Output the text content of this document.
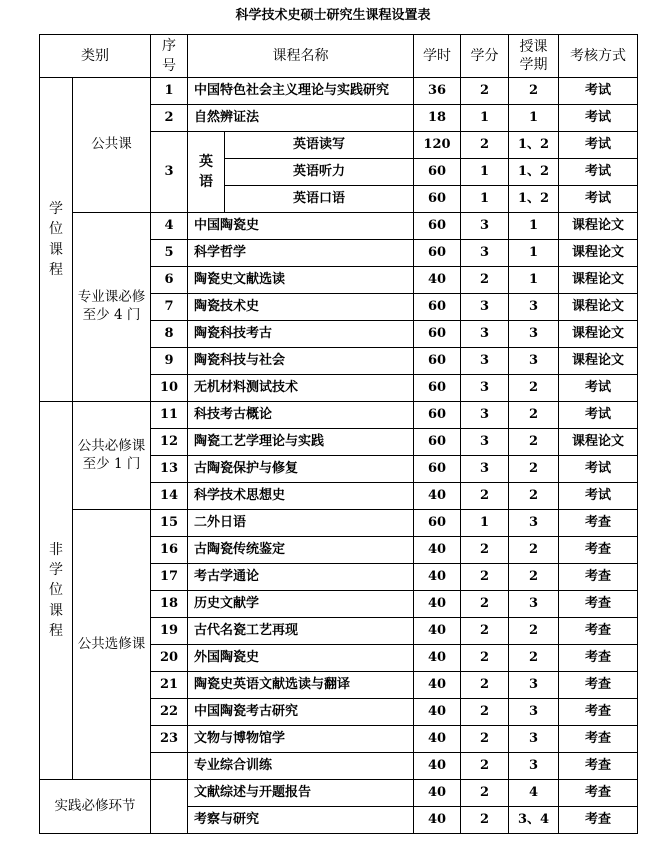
科学技术史硕士研究生课程设置表
类别		序号	课程名称		学时	学分	授课学期	考核方式
学位课程	公共课	1	中国特色社会主义理论与实践研究		36	2	2	考试
		2	自然辨证法		18	1	1	考试
		3	英语	英语读写	120	2	1、2	考试
				英语听力	60	1	1、2	考试
				英语口语	60	1	1、2	考试
	专业课必修至少 4 门	4	中国陶瓷史		60	3	1	课程论文
		5	科学哲学		60	3	1	课程论文
		6	陶瓷史文献选读		40	2	1	课程论文
		7	陶瓷技术史		60	3	3	课程论文
		8	陶瓷科技考古		60	3	3	课程论文
		9	陶瓷科技与社会		60	3	3	课程论文
		10	无机材料测试技术		60	3	2	考试
非学位课程	公共必修课至少 1 门	11	科技考古概论		60	3	2	考试
		12	陶瓷工艺学理论与实践		60	3	2	课程论文
		13	古陶瓷保护与修复		60	3	2	考试
		14	科学技术思想史		40	2	2	考试
	公共选修课	15	二外日语		60	1	3	考查
		16	古陶瓷传统鉴定		40	2	2	考查
		17	考古学通论		40	2	2	考查
		18	历史文献学		40	2	3	考查
		19	古代名瓷工艺再现		40	2	2	考查
		20	外国陶瓷史		40	2	2	考查
		21	陶瓷史英语文献选读与翻译		40	2	3	考查
		22	中国陶瓷考古研究		40	2	3	考查
		23	文物与博物馆学		40	2	3	考查
			专业综合训练		40	2	3	考查
实践必修环节			文献综述与开题报告		40	2	4	考查
			考察与研究		40	2	3、4	考查
